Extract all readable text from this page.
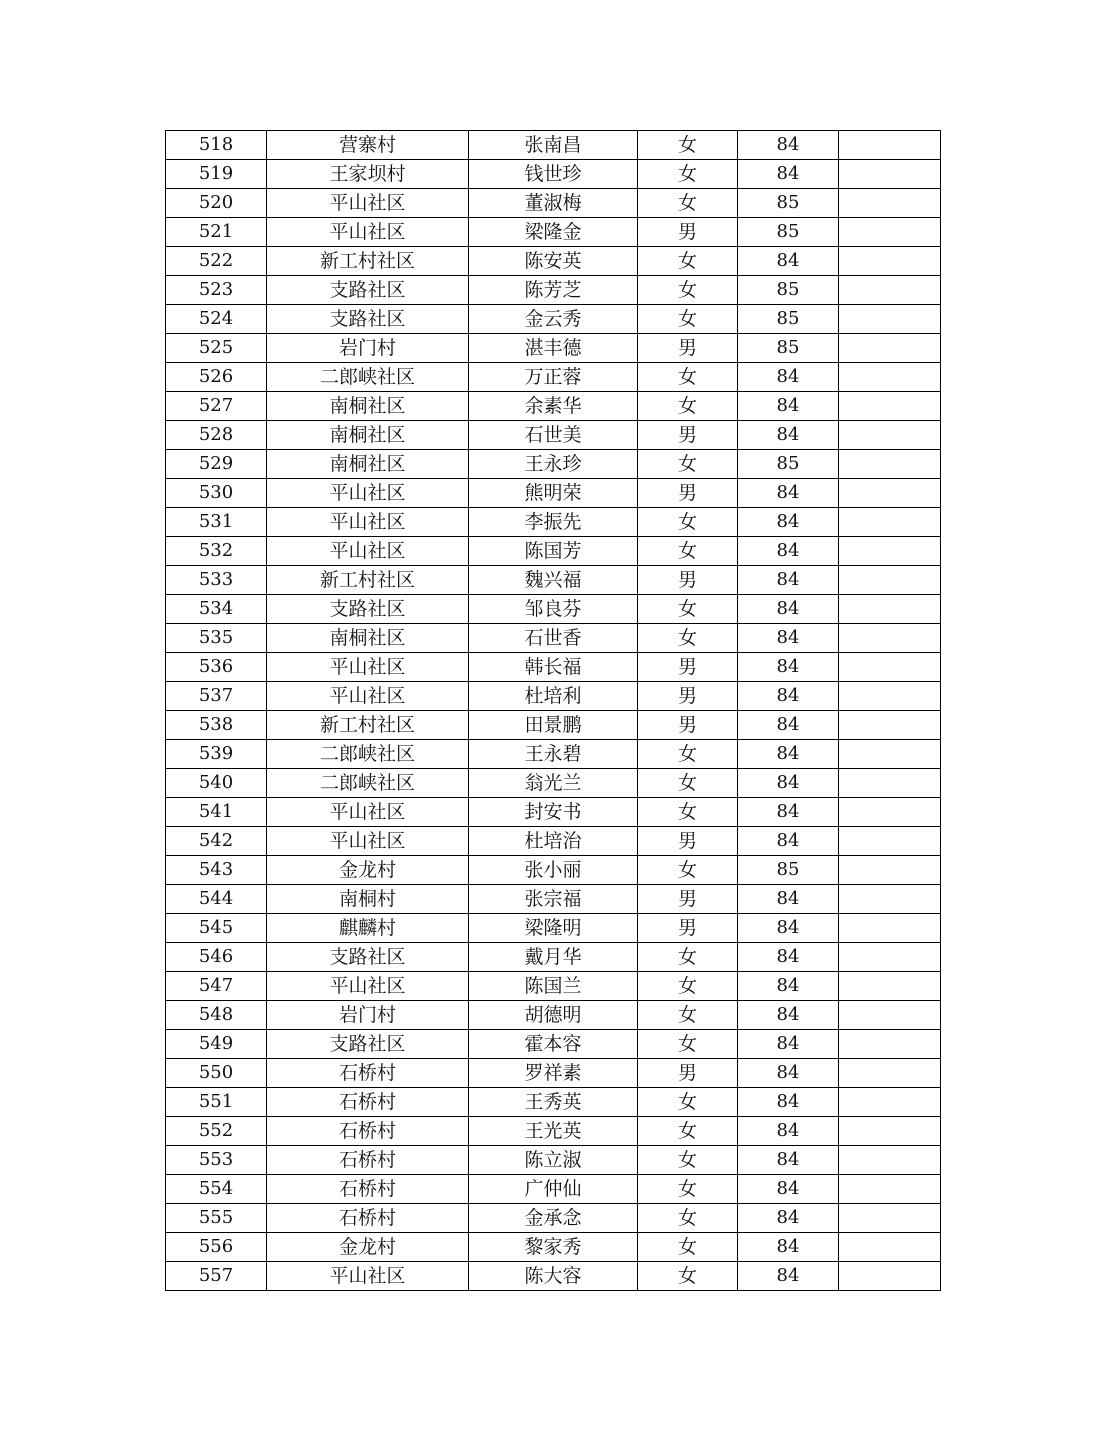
518	营寨村	张南昌	女	84	
519	王家坝村	钱世珍	女	84	
520	平山社区	董淑梅	女	85	
521	平山社区	梁隆金	男	85	
522	新工村社区	陈安英	女	84	
523	支路社区	陈芳芝	女	85	
524	支路社区	金云秀	女	85	
525	岩门村	湛丰德	男	85	
526	二郎峡社区	万正蓉	女	84	
527	南桐社区	余素华	女	84	
528	南桐社区	石世美	男	84	
529	南桐社区	王永珍	女	85	
530	平山社区	熊明荣	男	84	
531	平山社区	李振先	女	84	
532	平山社区	陈国芳	女	84	
533	新工村社区	魏兴福	男	84	
534	支路社区	邹良芬	女	84	
535	南桐社区	石世香	女	84	
536	平山社区	韩长福	男	84	
537	平山社区	杜培利	男	84	
538	新工村社区	田景鹏	男	84	
539	二郎峡社区	王永碧	女	84	
540	二郎峡社区	翁光兰	女	84	
541	平山社区	封安书	女	84	
542	平山社区	杜培治	男	84	
543	金龙村	张小丽	女	85	
544	南桐村	张宗福	男	84	
545	麒麟村	梁隆明	男	84	
546	支路社区	戴月华	女	84	
547	平山社区	陈国兰	女	84	
548	岩门村	胡德明	女	84	
549	支路社区	霍本容	女	84	
550	石桥村	罗祥素	男	84	
551	石桥村	王秀英	女	84	
552	石桥村	王光英	女	84	
553	石桥村	陈立淑	女	84	
554	石桥村	广仲仙	女	84	
555	石桥村	金承念	女	84	
556	金龙村	黎家秀	女	84	
557	平山社区	陈大容	女	84	
